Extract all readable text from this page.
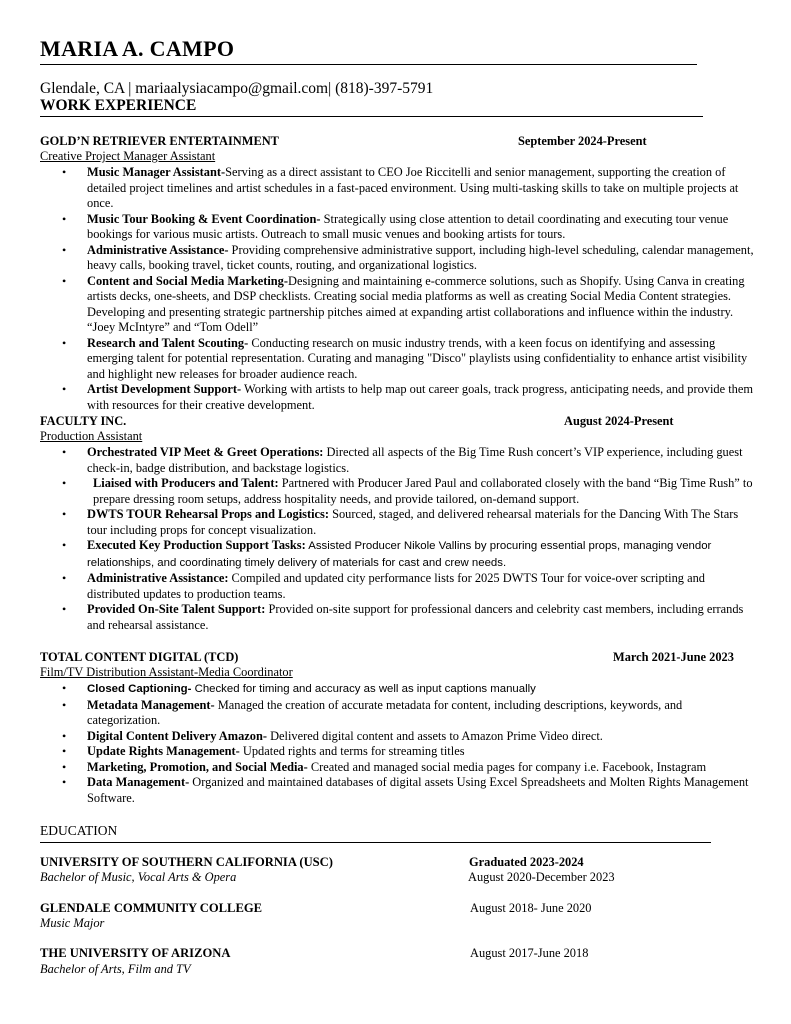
MARIA A. CAMPO
Glendale, CA | mariaalysiacampo@gmail.com| (818)-397-5791
WORK EXPERIENCE
GOLD’N RETRIEVER ENTERTAINMENT	September 2024-Present
Creative Project Manager Assistant
• Music Manager Assistant-Serving as a direct assistant to CEO Joe Riccitelli and senior management, supporting the creation of detailed project timelines and artist schedules in a fast-paced environment. Using multi-tasking skills to take on multiple projects at once.
• Music Tour Booking & Event Coordination- Strategically using close attention to detail coordinating and executing tour venue bookings for various music artists. Outreach to small music venues and booking artists for tours.
• Administrative Assistance- Providing comprehensive administrative support, including high-level scheduling, calendar management, heavy calls, booking travel, ticket counts, routing, and organizational logistics.
• Content and Social Media Marketing-Designing and maintaining e-commerce solutions, such as Shopify. Using Canva in creating artists decks, one-sheets, and DSP checklists. Creating social media platforms as well as creating Social Media Content strategies. Developing and presenting strategic partnership pitches aimed at expanding artist collaborations and influence within the industry. “Joey McIntyre” and “Tom Odell”
• Research and Talent Scouting- Conducting research on music industry trends, with a keen focus on identifying and assessing emerging talent for potential representation. Curating and managing "Disco" playlists using confidentiality to enhance artist visibility and highlight new releases for broader audience reach.
• Artist Development Support- Working with artists to help map out career goals, track progress, anticipating needs, and provide them with resources for their creative development.
FACULTY INC.	August 2024-Present
Production Assistant
• Orchestrated VIP Meet & Greet Operations: Directed all aspects of the Big Time Rush concert’s VIP experience, including guest check-in, badge distribution, and backstage logistics.
• Liaised with Producers and Talent: Partnered with Producer Jared Paul and collaborated closely with the band “Big Time Rush” to prepare dressing room setups, address hospitality needs, and provide tailored, on-demand support.
• DWTS TOUR Rehearsal Props and Logistics: Sourced, staged, and delivered rehearsal materials for the Dancing With The Stars tour including props for concept visualization.
• Executed Key Production Support Tasks: Assisted Producer Nikole Vallins by procuring essential props, managing vendor relationships, and coordinating timely delivery of materials for cast and crew needs.
• Administrative Assistance: Compiled and updated city performance lists for 2025 DWTS Tour for voice-over scripting and distributed updates to production teams.
• Provided On-Site Talent Support: Provided on-site support for professional dancers and celebrity cast members, including errands and rehearsal assistance.
TOTAL CONTENT DIGITAL (TCD)	March 2021-June 2023
Film/TV Distribution Assistant-Media Coordinator
• Closed Captioning- Checked for timing and accuracy as well as input captions manually
• Metadata Management- Managed the creation of accurate metadata for content, including descriptions, keywords, and categorization.
• Digital Content Delivery Amazon- Delivered digital content and assets to Amazon Prime Video direct.
• Update Rights Management- Updated rights and terms for streaming titles
• Marketing, Promotion, and Social Media- Created and managed social media pages for company i.e. Facebook, Instagram
• Data Management- Organized and maintained databases of digital assets Using Excel Spreadsheets and Molten Rights Management Software.
EDUCATION
UNIVERSITY OF SOUTHERN CALIFORNIA (USC)	Graduated 2023-2024
Bachelor of Music, Vocal Arts & Opera	August 2020-December 2023
GLENDALE COMMUNITY COLLEGE	August 2018- June 2020
Music Major
THE UNIVERSITY OF ARIZONA	August 2017-June 2018
Bachelor of Arts, Film and TV
